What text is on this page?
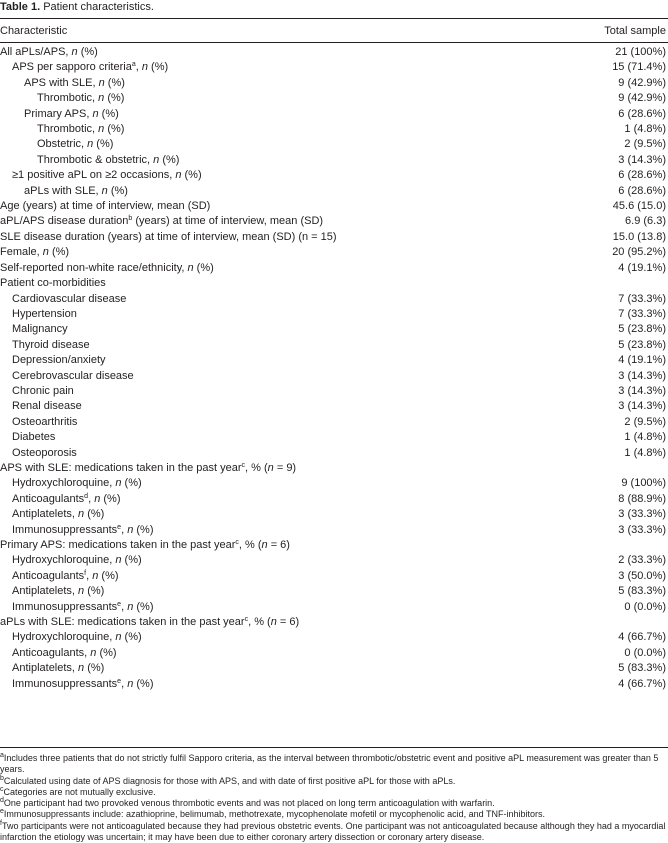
Table 1. Patient characteristics.
Characteristic	Total sample
All aPLs/APS, n (%)	21 (100%)
APS per sapporo criteria$^a$, n (%)	15 (71.4%)
APS with SLE, n (%)	9 (42.9%)
Thrombotic, n (%)	9 (42.9%)
Primary APS, n (%)	6 (28.6%)
Thrombotic, n (%)	1 (4.8%)
Obstetric, n (%)	2 (9.5%)
Thrombotic & obstetric, n (%)	3 (14.3%)
≥1 positive aPL on ≥2 occasions, n (%)	6 (28.6%)
aPLs with SLE, n (%)	6 (28.6%)
Age (years) at time of interview, mean (SD)	45.6 (15.0)
aPL/APS disease duration$^b$ (years) at time of interview, mean (SD)	6.9 (6.3)
SLE disease duration (years) at time of interview, mean (SD) (n = 15)	15.0 (13.8)
Female, n (%)	20 (95.2%)
Self-reported non-white race/ethnicity, n (%)	4 (19.1%)
Patient co-morbidities
Cardiovascular disease	7 (33.3%)
Hypertension	7 (33.3%)
Malignancy	5 (23.8%)
Thyroid disease	5 (23.8%)
Depression/anxiety	4 (19.1%)
Cerebrovascular disease	3 (14.3%)
Chronic pain	3 (14.3%)
Renal disease	3 (14.3%)
Osteoarthritis	2 (9.5%)
Diabetes	1 (4.8%)
Osteoporosis	1 (4.8%)
APS with SLE: medications taken in the past year$^c$, % (n = 9)
Hydroxychloroquine, n (%)	9 (100%)
Anticoagulants$^d$, n (%)	8 (88.9%)
Antiplatelets, n (%)	3 (33.3%)
Immunosuppressants$^e$, n (%)	3 (33.3%)
Primary APS: medications taken in the past year$^c$, % (n = 6)
Hydroxychloroquine, n (%)	2 (33.3%)
Anticoagulants$^f$, n (%)	3 (50.0%)
Antiplatelets, n (%)	5 (83.3%)
Immunosuppressants$^e$, n (%)	0 (0.0%)
aPLs with SLE: medications taken in the past year$^c$, % (n = 6)
Hydroxychloroquine, n (%)	4 (66.7%)
Anticoagulants, n (%)	0 (0.0%)
Antiplatelets, n (%)	5 (83.3%)
Immunosuppressants$^e$, n (%)	4 (66.7%)

$^a$Includes three patients that do not strictly fulfil Sapporo criteria, as the interval between thrombotic/obstetric event and positive aPL measurement was greater than 5 years.

$^b$Calculated using date of APS diagnosis for those with APS, and with date of first positive aPL for those with aPLs.

$^c$Categories are not mutually exclusive.

$^d$One participant had two provoked venous thrombotic events and was not placed on long term anticoagulation with warfarin.

$^e$Immunosuppressants include: azathioprine, belimumab, methotrexate, mycophenolate mofetil or mycophenolic acid, and TNF-inhibitors.

$^f$Two participants were not anticoagulated because they had previous obstetric events. One participant was not anticoagulated because although they had a myocardial infarction the etiology was uncertain; it may have been due to either coronary artery dissection or coronary artery disease.
